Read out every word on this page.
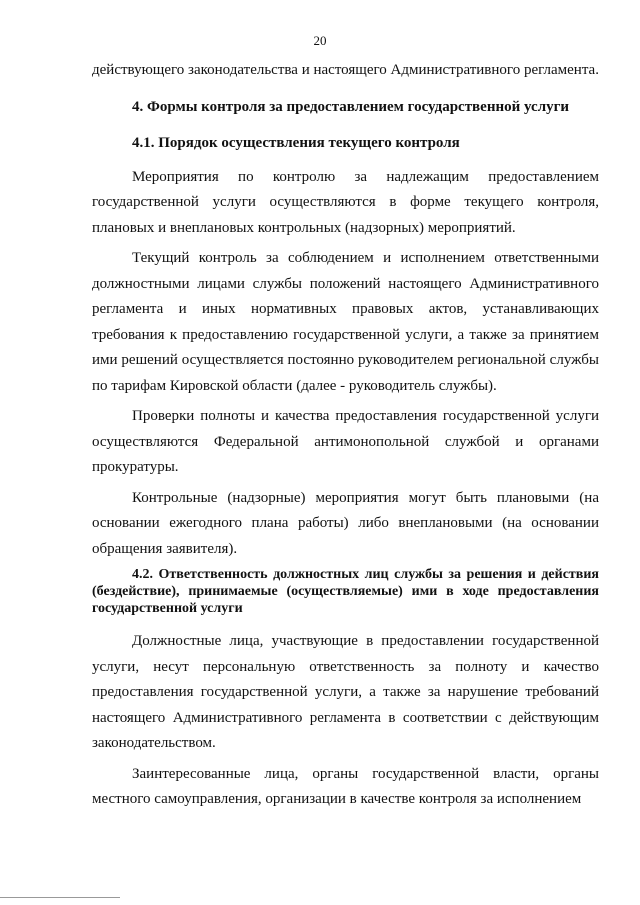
20

действующего законодательства и настоящего Административного регламента.

4. Формы контроля за предоставлением государственной услуги

4.1. Порядок осуществления текущего контроля

Мероприятия по контролю за надлежащим предоставлением государственной услуги осуществляются в форме текущего контроля, плановых и внеплановых контрольных (надзорных) мероприятий.

Текущий контроль за соблюдением и исполнением ответственными должностными лицами службы положений настоящего Административного регламента и иных нормативных правовых актов, устанавливающих требования к предоставлению государственной услуги, а также за принятием ими решений осуществляется постоянно руководителем региональной службы по тарифам Кировской области (далее - руководитель службы).

Проверки полноты и качества предоставления государственной услуги осуществляются Федеральной антимонопольной службой и органами прокуратуры.

Контрольные (надзорные) мероприятия могут быть плановыми (на основании ежегодного плана работы) либо внеплановыми (на основании обращения заявителя).

4.2. Ответственность должностных лиц службы за решения и действия (бездействие), принимаемые (осуществляемые) ими в ходе предоставления государственной услуги

Должностные лица, участвующие в предоставлении государственной услуги, несут персональную ответственность за полноту и качество предоставления государственной услуги, а также за нарушение требований настоящего Административного регламента в соответствии с действующим законодательством.

Заинтересованные лица, органы государственной власти, органы местного самоуправления, организации в качестве контроля за исполнением
